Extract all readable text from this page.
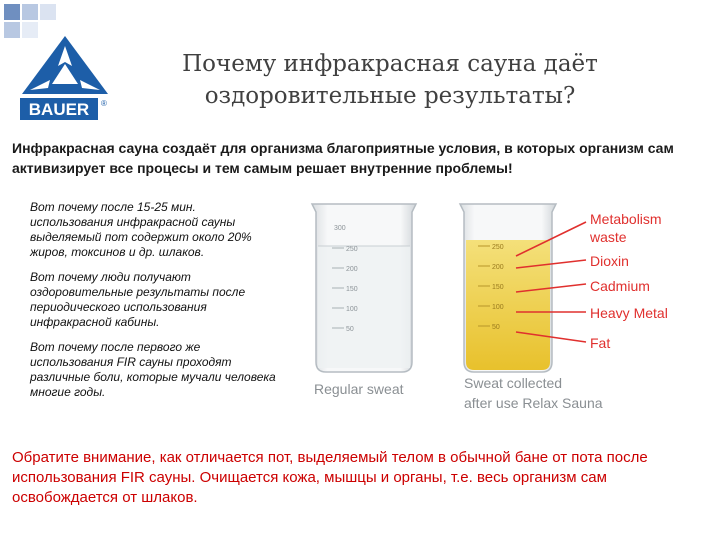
BAUER ®
Почему инфракрасная сауна даёт
оздоровительные результаты?
Инфракрасная сауна создаёт для организма благоприятные условия, в которых организм сам активизирует все процесы и тем самым решает внутренние проблемы!

Вот почему после 15-25 мин. использования инфракрасной сауны выделяемый пот содержит около 20% жиров, токсинов и др. шлаков.

Вот почему люди получают оздоровительные результаты после периодического использования инфракрасной кабины.

Вот почему после первого же использования FIR сауны проходят различные боли, которые мучали человека многие годы.

250
200
150
100
50
300
250
200
150
100
50
Metabolism
waste
Dioxin
Cadmium
Heavy Metal
Fat
Regular sweat	Sweat collected
after use Relax Sauna
Обратите внимание, как отличается пот, выделяемый телом в обычной бане от пота после использования FIR сауны. Очищается кожа, мышцы и органы, т.е. весь организм сам освобождается от шлаков.
